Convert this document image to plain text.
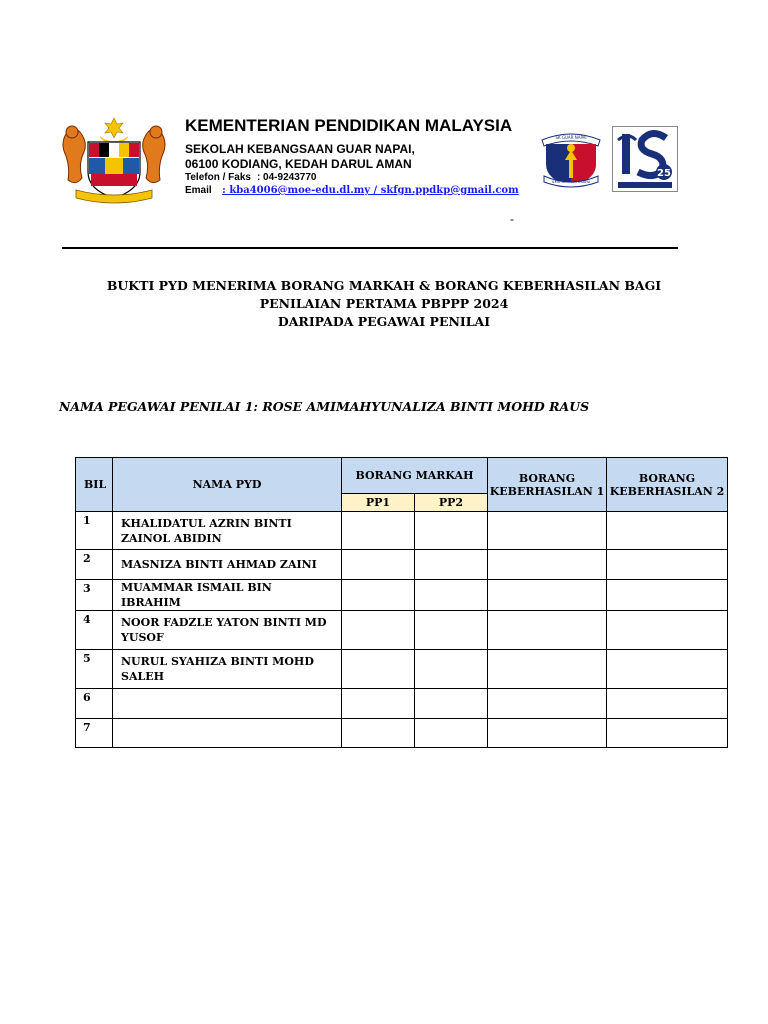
KEMENTERIAN PENDIDIKAN MALAYSIA
SEKOLAH KEBANGSAAN GUAR NAPAI,
06100 KODIANG, KEDAH DARUL AMAN
Telefon / Faks : 04-9243770
Email : kba4006@moe-edu.dl.my / skfgn.ppdkp@gmail.com
-
SK GUAR NAPAI
ILMU DISIPLIN USAHA
25
BUKTI PYD MENERIMA BORANG MARKAH & BORANG KEBERHASILAN BAGI
PENILAIAN PERTAMA PBPPP 2024
DARIPADA PEGAWAI PENILAI
NAMA PEGAWAI PENILAI 1: ROSE AMIMAHYUNALIZA BINTI MOHD RAUS
BIL	NAMA PYD	BORANG MARKAH		BORANG KEBERHASILAN 1	BORANG KEBERHASILAN 2
		PP1	PP2		
1	KHALIDATUL AZRIN BINTI ZAINOL ABIDIN				
2	MASNIZA BINTI AHMAD ZAINI				
3	MUAMMAR ISMAIL BIN IBRAHIM				
4	NOOR FADZLE YATON BINTI MD YUSOF				
5	NURUL SYAHIZA BINTI MOHD SALEH				
6					
7					
